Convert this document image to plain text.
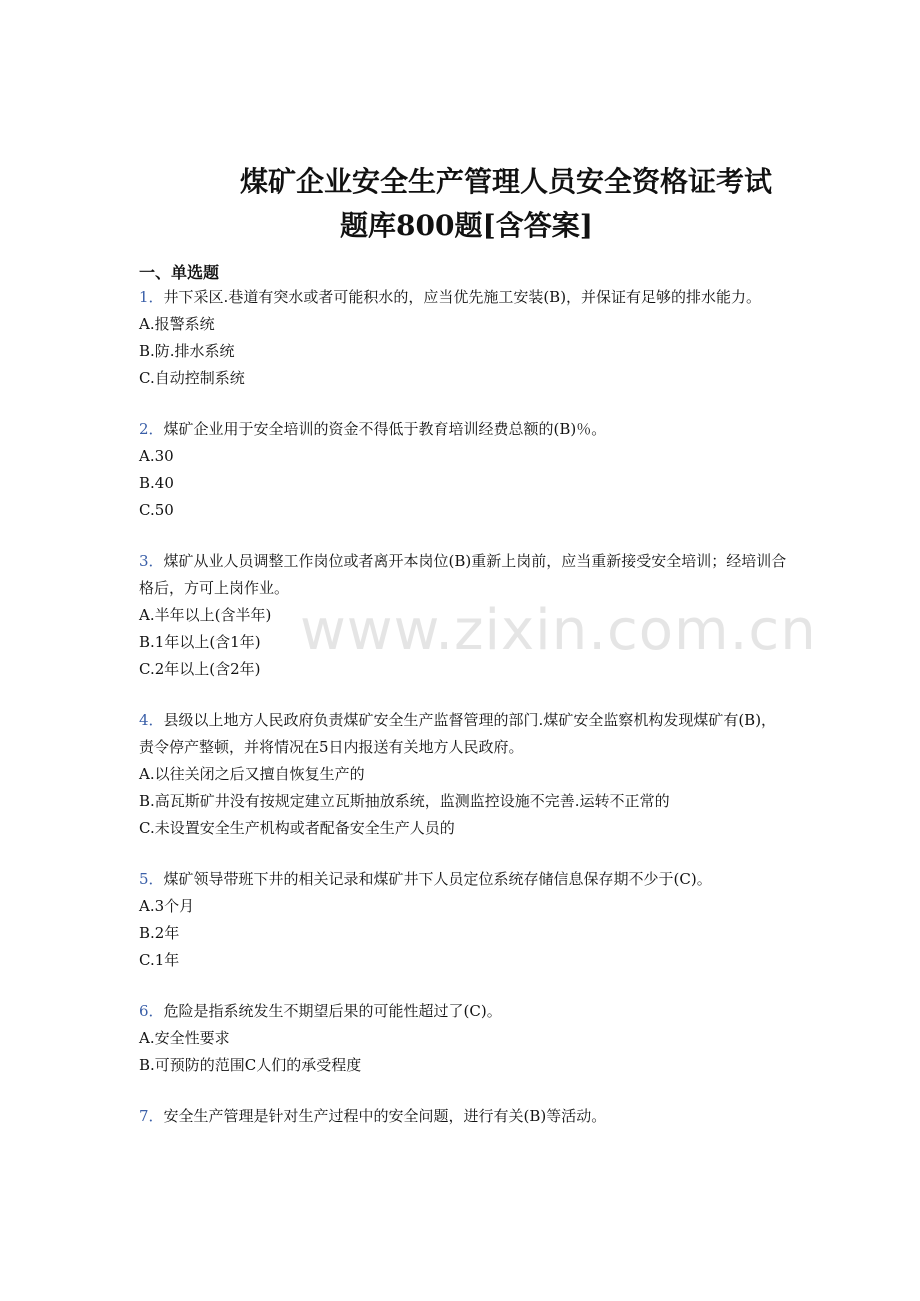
煤矿企业安全生产管理人员安全资格证考试
题库800题[含答案]
一、单选题

1．井下采区.巷道有突水或者可能积水的，应当优先施工安装(B)，并保证有足够的排水能力。

A.报警系统

B.防.排水系统

C.自动控制系统

2．煤矿企业用于安全培训的资金不得低于教育培训经费总额的(B)％。

A.30

B.40

C.50

3．煤矿从业人员调整工作岗位或者离开本岗位(B)重新上岗前，应当重新接受安全培训；经培训合格后，方可上岗作业。

A.半年以上(含半年)

B.1年以上(含1年)

C.2年以上(含2年)

4．县级以上地方人民政府负责煤矿安全生产监督管理的部门.煤矿安全监察机构发现煤矿有(B)，责令停产整顿，并将情况在5日内报送有关地方人民政府。

A.以往关闭之后又擅自恢复生产的

B.高瓦斯矿井没有按规定建立瓦斯抽放系统，监测监控设施不完善.运转不正常的

C.未设置安全生产机构或者配备安全生产人员的

5．煤矿领导带班下井的相关记录和煤矿井下人员定位系统存储信息保存期不少于(C)。

A.3个月

B.2年

C.1年

6．危险是指系统发生不期望后果的可能性超过了(C)。

A.安全性要求

B.可预防的范围C人们的承受程度

7．安全生产管理是针对生产过程中的安全问题，进行有关(B)等活动。

www.zixin.com.cn
